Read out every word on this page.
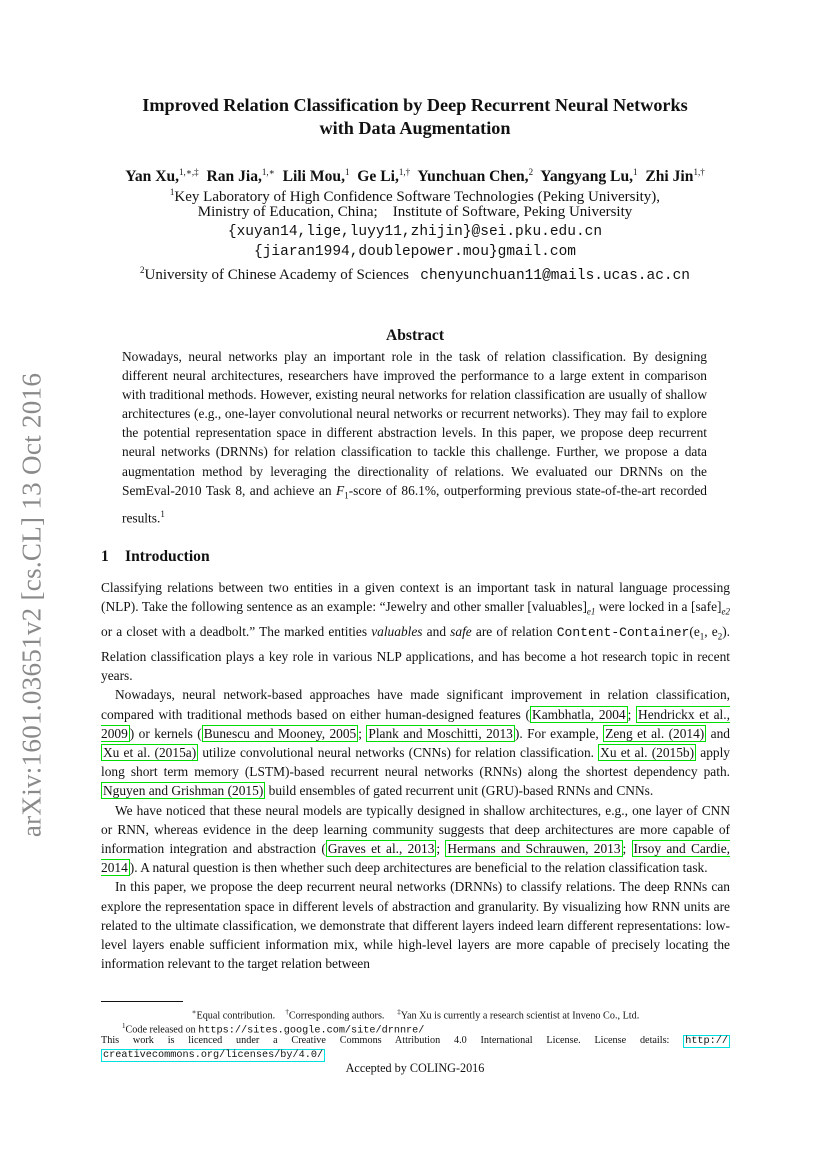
arXiv:1601.03651v2 [cs.CL] 13 Oct 2016
Improved Relation Classification by Deep Recurrent Neural Networks
with Data Augmentation
Yan Xu,$^{1,∗,\ddagger}$ Ran Jia,$^{1,∗}$ Lili Mou,$^1$ Ge Li,$^{1,\dagger}$ Yunchuan Chen,$^2$ Yangyang Lu,$^1$ Zhi Jin$^{1,\dagger}$
$^1$Key Laboratory of High Confidence Software Technologies (Peking University),
Ministry of Education, China; Institute of Software, Peking University
{xuyan14,lige,luyy11,zhijin}@sei.pku.edu.cn
{jiaran1994,doublepower.mou}gmail.com
$^2$University of Chinese Academy of Sciences chenyunchuan11@mails.ucas.ac.cn
Abstract

Nowadays, neural networks play an important role in the task of relation classification. By designing different neural architectures, researchers have improved the performance to a large extent in comparison with traditional methods. However, existing neural networks for relation classification are usually of shallow architectures (e.g., one-layer convolutional neural networks or recurrent networks). They may fail to explore the potential representation space in different abstraction levels. In this paper, we propose deep recurrent neural networks (DRNNs) for relation classification to tackle this challenge. Further, we propose a data augmentation method by leveraging the directionality of relations. We evaluated our DRNNs on the SemEval-2010 Task 8, and achieve an $F_1$-score of 86.1%, outperforming previous state-of-the-art recorded results.$^1$

1 Introduction

Classifying relations between two entities in a given context is an important task in natural language processing (NLP). Take the following sentence as an example: “Jewelry and other smaller $[valuables]_{e1}$ were locked in a $[safe]_{e2}$ or a closet with a deadbolt.” The marked entities valuables and safe are of relation Content-$Container(e_1$, $e_2$). Relation classification plays a key role in various NLP applications, and has become a hot research topic in recent years.

Nowadays, neural network-based approaches have made significant improvement in relation classification, compared with traditional methods based on either human-designed features ( Kambhatla, 2004 ; Hendrickx et al., 2009 ) or kernels ( Bunescu and Mooney, 2005 ; Plank and Moschitti, 2013 ). For example, Zeng et al. (2014) and Xu et al. (2015a) utilize convolutional neural networks (CNNs) for relation classification. Xu et al. (2015b) apply long short term memory (LSTM)-based recurrent neural networks (RNNs) along the shortest dependency path. Nguyen and Grishman (2015) build ensembles of gated recurrent unit (GRU)-based RNNs and CNNs.

We have noticed that these neural models are typically designed in shallow architectures, e.g., one layer of CNN or RNN, whereas evidence in the deep learning community suggests that deep architectures are more capable of information integration and abstraction ( Graves et al., 2013 ; Hermans and Schrauwen, 2013 ; Irsoy and Cardie, 2014 ). A natural question is then whether such deep architectures are beneficial to the relation classification task.

In this paper, we propose the deep recurrent neural networks (DRNNs) to classify relations. The deep RNNs can explore the representation space in different levels of abstraction and granularity. By visualizing how RNN units are related to the ultimate classification, we demonstrate that different layers indeed learn different representations: low-level layers enable sufficient information mix, while high-level layers are more capable of precisely locating the information relevant to the target relation between

∗Equal contribution. †Corresponding authors. ‡Yan Xu is currently a research scientist at Inveno Co., Ltd.
$^1$Code released on https://sites.google.com/site/drnnre/
This work is licenced under a Creative Commons Attribution 4.0 International License. License details: http://
creativecommons.org/licenses/by/4.0/
Accepted by COLING-2016
